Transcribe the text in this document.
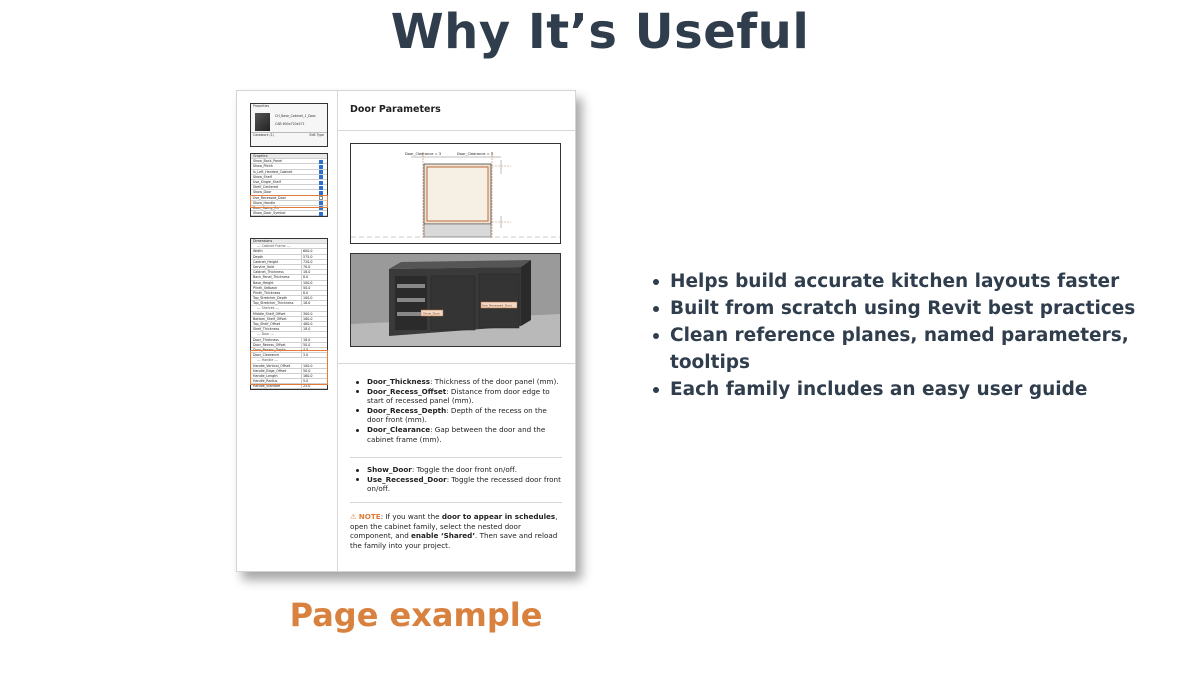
Why It’s Useful
Properties
CH_Base_Cabinet_1_Door
CAB 600x720x571
Casework (1)	Edit Type
Graphics
Show_Back_Panel
Show_Plinth
Is_Left_Handed_Cabinet
Show_Shelf
Use_Single_Shelf
Shelf_Centered
Show_Door
Use_Recessed_Door
Show_Handle
Door_Swing_On
Show_Door_Symbol
Dimensions
--- Cabinet Frame ---
Width	600.0
Depth	575.0
Cabinet_Height	720.0
Service_Void	70.0
Cabinet_Thickness	18.0
Back_Panel_Thickness	8.0
Base_Height	100.0
Plinth_Setback	50.0
Plinth_Thickness	8.0
Top_Stretcher_Depth	100.0
Top_Stretcher_Thickness	18.0
--- Shelves ---
Middle_Shelf_Offset	300.0
Bottom_Shelf_Offset	180.0
Top_Shelf_Offset	480.0
Shelf_Thickness	18.0
--- Door ---
Door_Thickness	18.0
Door_Recess_Offset	50.0
Door_Recess_Depth	4.0
Door_Clearance	3.0
--- Handle ---
Handle_Vertical_Offset	100.0
Handle_Edge_Offset	50.0
Handle_Length	160.0
Handle_Radius	5.0
Handle_Standoff	25.0
Door Parameters
Door_Clearance = 3	Door_Clearance = 3
Use_Recessed_Door
Show_Door
Door_Thickness: Thickness of the door panel (mm).
Door_Recess_Offset: Distance from door edge to start of recessed panel (mm).
Door_Recess_Depth: Depth of the recess on the door front (mm).
Door_Clearance: Gap between the door and the cabinet frame (mm).
Show_Door: Toggle the door front on/off.
Use_Recessed_Door: Toggle the recessed door front on/off.
⚠ NOTE: If you want the door to appear in schedules, open the cabinet family, select the nested door component, and enable ‘Shared’. Then save and reload the family into your project.
Page example
Helps build accurate kitchen layouts faster
Built from scratch using Revit best practices
Clean reference planes, named parameters, tooltips
Each family includes an easy user guide
